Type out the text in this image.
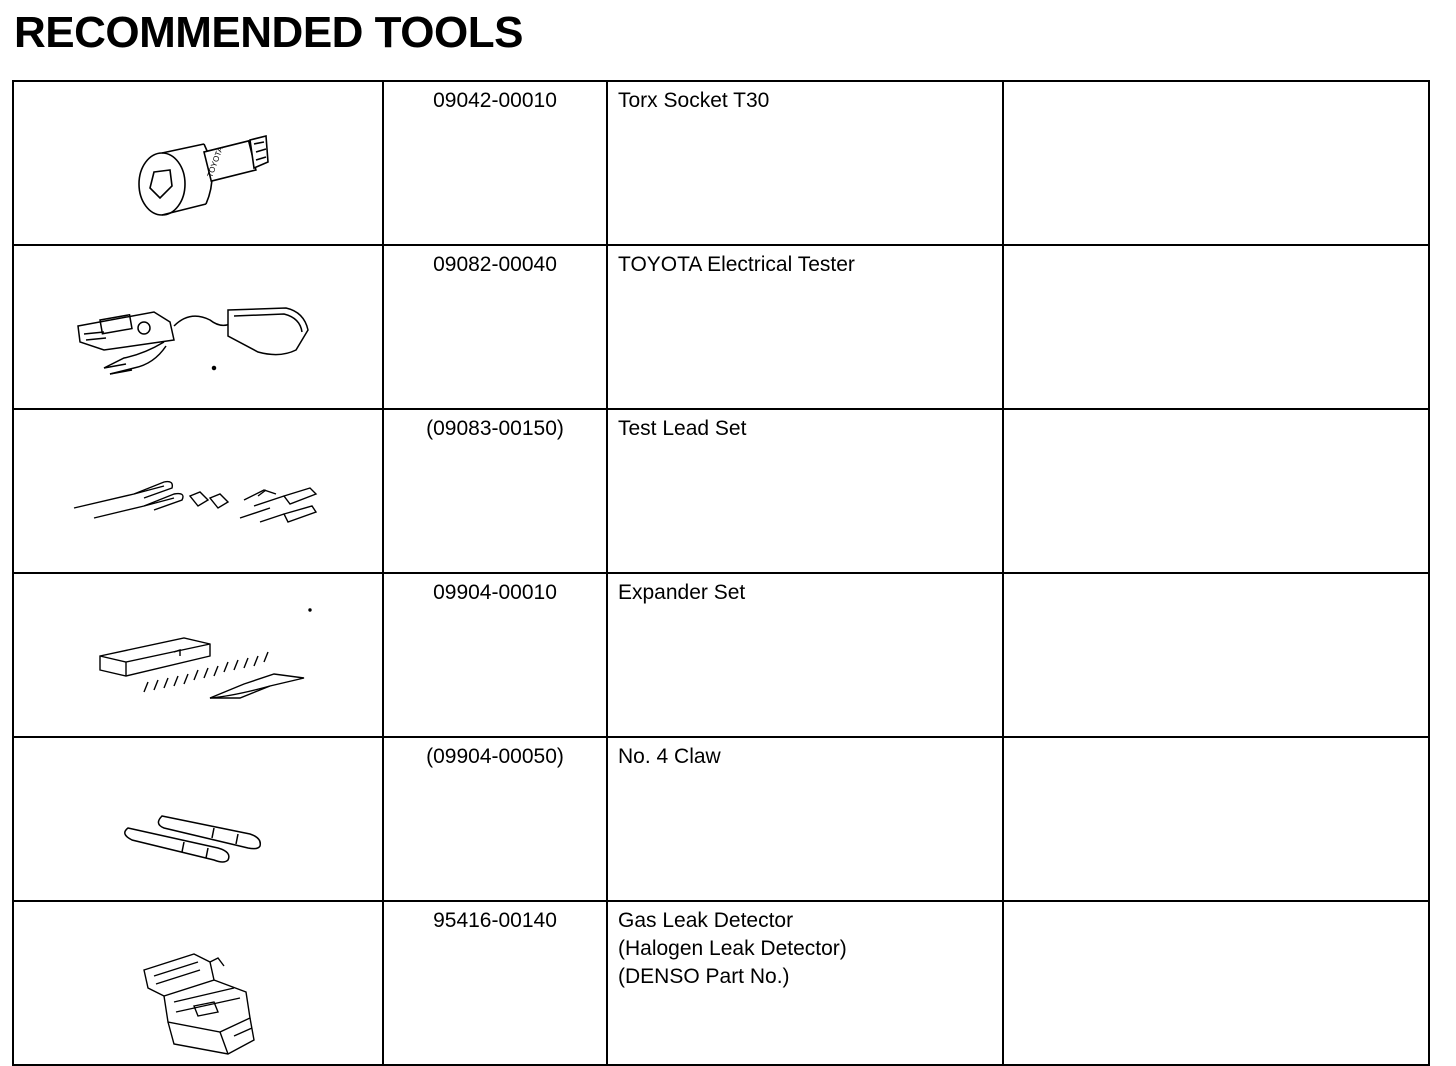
RECOMMENDED TOOLS
TOYOTA	09042-00010	Torx Socket T30	

	09082-00040	TOYOTA Electrical Tester	

	(09083-00150)	Test Lead Set	

	09904-00010	Expander Set	

	(09904-00050)	No. 4 Claw	

	95416-00140	Gas Leak Detector
(Halogen Leak Detector)
(DENSO Part No.)	
